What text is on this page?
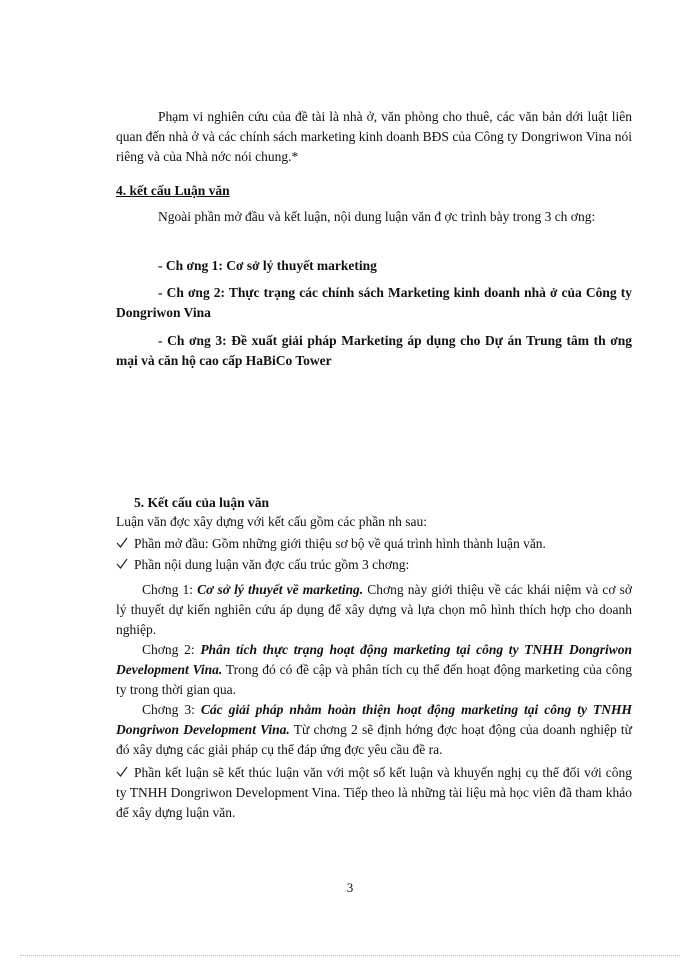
Phạm vi nghiên cứu của đề tài là nhà ở, văn phòng cho thuê, các văn bản dới luật liên quan đến nhà ở và các chính sách marketing kinh doanh BĐS của Công ty Dongriwon Vina nói riêng và của Nhà nớc nói chung.*
4. kết cấu Luận văn
Ngoài phần mở đầu và kết luận, nội dung luận văn đ ợc trình bày trong 3 ch ơng:
- Ch ơng 1: Cơ sở lý thuyết marketing
- Ch ơng 2: Thực trạng các chính sách Marketing kinh doanh nhà ở của Công ty Dongriwon Vina
- Ch ơng 3: Đề xuất giải pháp Marketing áp dụng cho Dự án Trung tâm th ơng mại và căn hộ cao cấp HaBiCo Tower
5. Kết cấu của luận văn
Luận văn đợc xây dựng với kết cấu gồm các phần nh sau:
Phần mở đầu: Gồm những giới thiệu sơ bộ về quá trình hình thành luận văn.
Phần nội dung luận văn đợc cấu trúc gồm 3 chơng:
Chơng 1: Cơ sở lý thuyết về marketing. Chơng này giới thiệu về các khái niệm và cơ sở lý thuyết dự kiến nghiên cứu áp dụng để xây dựng và lựa chọn mô hình thích hợp cho doanh nghiệp.
Chơng 2: Phân tích thực trạng hoạt động marketing tại công ty TNHH Dongriwon Development Vina. Trong đó có đề cập và phân tích cụ thể đến hoạt động marketing của công ty trong thời gian qua.
Chơng 3: Các giải pháp nhằm hoàn thiện hoạt động marketing tại công ty TNHH Dongriwon Development Vina. Từ chơng 2 sẽ định hớng đợc hoạt động của doanh nghiệp từ đó xây dựng các giải pháp cụ thể đáp ứng đợc yêu cầu đề ra.
Phần kết luận sẽ kết thúc luận văn với một số kết luận và khuyến nghị cụ thể đối với công ty TNHH Dongriwon Development Vina. Tiếp theo là những tài liệu mà học viên đã tham khảo để xây dựng luận văn.
3
